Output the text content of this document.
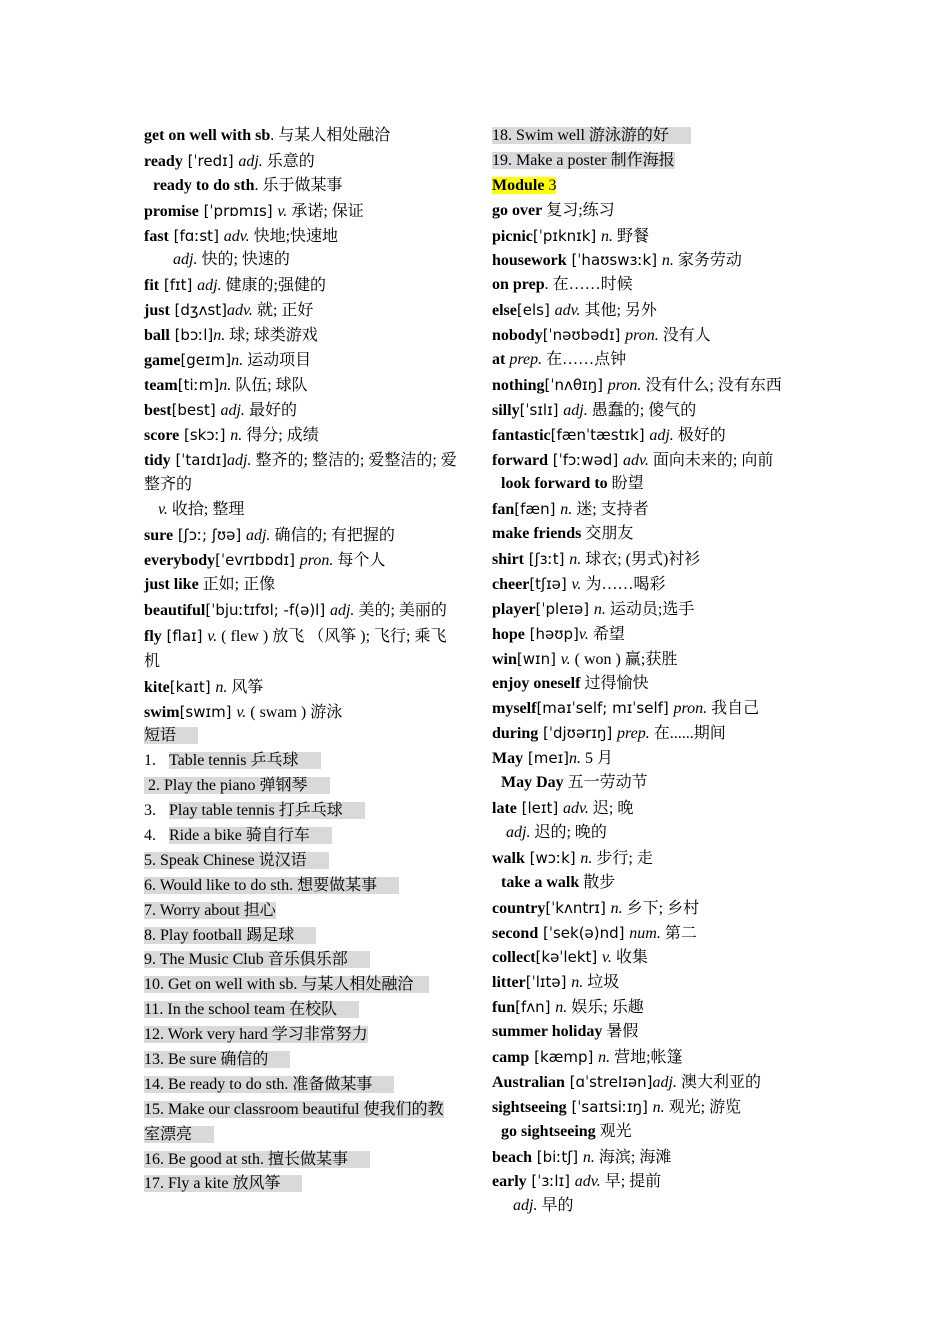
get on well with sb. 与某人相处融洽
ready [ˈredɪ] adj. 乐意的
ready to do sth. 乐于做某事
promise [ˈprɒmɪs] v. 承诺; 保证
fast [fɑːst] adv. 快地;快速地
adj. 快的; 快速的
fit [fɪt] adj. 健康的;强健的
just [dʒʌst]adv. 就; 正好
ball [bɔːl]n. 球; 球类游戏
game[geɪm]n. 运动项目
team[tiːm]n. 队伍; 球队
best[best] adj. 最好的
score [skɔː] n. 得分; 成绩
tidy [ˈtaɪdɪ]adj. 整齐的; 整洁的; 爱整洁的; 爱整齐的
v. 收拾; 整理
sure [ʃɔː; ʃʊə] adj. 确信的; 有把握的
everybody[ˈevrɪbɒdɪ] pron. 每个人
just like 正如; 正像
beautiful[ˈbjuːtɪfʊl; -f(ə)l] adj. 美的; 美丽的
fly [flaɪ] v. ( flew ) 放飞 （风筝 ); 飞行; 乘飞机
kite[kaɪt] n. 风筝
swim[swɪm] v. ( swam ) 游泳
短语
1. Table tennis 乒乓球
2. Play the piano 弹钢琴
3. Play table tennis 打乒乓球
4. Ride a bike 骑自行车
5. Speak Chinese 说汉语
6. Would like to do sth. 想要做某事
7. Worry about 担心
8. Play football 踢足球
9. The Music Club 音乐俱乐部
10. Get on well with sb. 与某人相处融洽
11. In the school team 在校队
12. Work very hard 学习非常努力
13. Be sure 确信的
14. Be ready to do sth. 准备做某事
15. Make our classroom beautiful 使我们的教
室漂亮
16. Be good at sth. 擅长做某事
17. Fly a kite 放风筝
18. Swim well 游泳游的好
19. Make a poster 制作海报
Module 3
go over 复习;练习
picnic[ˈpɪknɪk] n. 野餐
housework [ˈhaʊswɜːk] n. 家务劳动
on prep. 在……时候
else[els] adv. 其他; 另外
nobody[ˈnəʊbədɪ] pron. 没有人
at prep. 在……点钟
nothing[ˈnʌθɪŋ] pron. 没有什么; 没有东西
silly[ˈsɪlɪ] adj. 愚蠢的; 傻气的
fantastic[fænˈtæstɪk] adj. 极好的
forward [ˈfɔːwəd] adv. 面向未来的; 向前
look forward to 盼望
fan[fæn] n. 迷; 支持者
make friends 交朋友
shirt [ʃɜːt] n. 球衣; (男式)衬衫
cheer[tʃɪə] v. 为……喝彩
player[ˈpleɪə] n. 运动员;选手
hope [həʊp]v. 希望
win[wɪn] v. ( won ) 赢;获胜
enjoy oneself 过得愉快
myself[maɪˈself; mɪˈself] pron. 我自己
during [ˈdjʊərɪŋ] prep. 在......期间
May [meɪ]n. 5 月
May Day 五一劳动节
late [leɪt] adv. 迟; 晚
adj. 迟的; 晚的
walk [wɔːk] n. 步行; 走
take a walk 散步
country[ˈkʌntrɪ] n. 乡下; 乡村
second [ˈsek(ə)nd] num. 第二
collect[kəˈlekt] v. 收集
litter[ˈlɪtə] n. 垃圾
fun[fʌn] n. 娱乐; 乐趣
summer holiday 暑假
camp [kæmp] n. 营地;帐篷
Australian [ɑˈstreIɪən]adj. 澳大利亚的
sightseeing [ˈsaɪtsiːɪŋ] n. 观光; 游览
go sightseeing 观光
beach [biːtʃ] n. 海滨; 海滩
early [ˈɜːlɪ] adv. 早; 提前
adj. 早的
